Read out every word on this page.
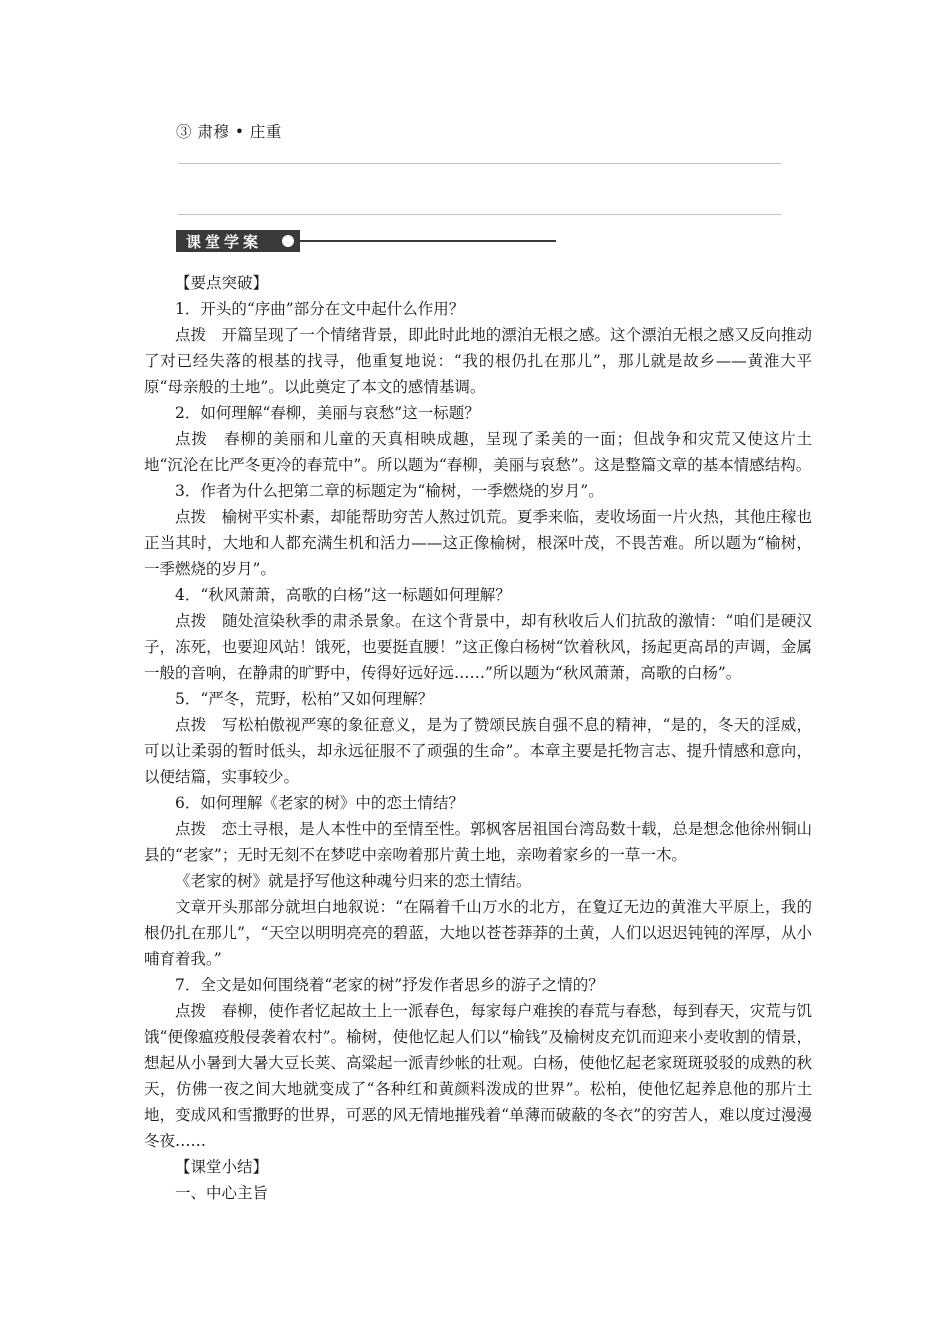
③ 肃穆 • 庄重
课堂学案

【要点突破】

1．开头的“序曲”部分在文中起什么作用？

点拨　开篇呈现了一个情绪背景，即此时此地的漂泊无根之感。这个漂泊无根之感又反向推动了对已经失落的根基的找寻，他重复地说：“我的根仍扎在那儿”，那儿就是故乡——黄淮大平原“母亲般的土地”。以此奠定了本文的感情基调。

2．如何理解“春柳，美丽与哀愁”这一标题？

点拨　春柳的美丽和儿童的天真相映成趣，呈现了柔美的一面；但战争和灾荒又使这片土地“沉沦在比严冬更冷的春荒中”。所以题为“春柳，美丽与哀愁”。这是整篇文章的基本情感结构。

3．作者为什么把第二章的标题定为“榆树，一季燃烧的岁月”。

点拨　榆树平实朴素，却能帮助穷苦人熬过饥荒。夏季来临，麦收场面一片火热，其他庄稼也正当其时，大地和人都充满生机和活力——这正像榆树，根深叶茂，不畏苦难。所以题为“榆树，一季燃烧的岁月”。

4．“秋风萧萧，高歌的白杨”这一标题如何理解？

点拨　随处渲染秋季的肃杀景象。在这个背景中，却有秋收后人们抗敌的激情：“咱们是硬汉子，冻死，也要迎风站！饿死，也要挺直腰！”这正像白杨树“饮着秋风，扬起更高昂的声调，金属一般的音响，在静肃的旷野中，传得好远好远……”所以题为“秋风萧萧，高歌的白杨”。

5．“严冬，荒野，松柏”又如何理解？

点拨　写松柏傲视严寒的象征意义，是为了赞颂民族自强不息的精神，“是的，冬天的淫威，可以让柔弱的暂时低头，却永远征服不了顽强的生命”。本章主要是托物言志、提升情感和意向，以便结篇，实事较少。

6．如何理解《老家的树》中的恋土情结？

点拨　恋土寻根，是人本性中的至情至性。郭枫客居祖国台湾岛数十载，总是想念他徐州铜山县的“老家”；无时无刻不在梦呓中亲吻着那片黄土地，亲吻着家乡的一草一木。

《老家的树》就是抒写他这种魂兮归来的恋土情结。

文章开头那部分就坦白地叙说：“在隔着千山万水的北方，在夐辽无边的黄淮大平原上，我的根仍扎在那儿”，“天空以明明亮亮的碧蓝，大地以苍苍莽莽的土黄，人们以迟迟钝钝的浑厚，从小哺育着我。”

7．全文是如何围绕着“老家的树”抒发作者思乡的游子之情的？

点拨　春柳，使作者忆起故土上一派春色，每家每户难挨的春荒与春愁，每到春天，灾荒与饥饿“便像瘟疫般侵袭着农村”。榆树，使他忆起人们以“榆钱”及榆树皮充饥而迎来小麦收割的情景，想起从小暑到大暑大豆长荚、高粱起一派青纱帐的壮观。白杨，使他忆起老家斑斑驳驳的成熟的秋天，仿佛一夜之间大地就变成了“各种红和黄颜料泼成的世界”。松柏，使他忆起养息他的那片土地，变成风和雪撒野的世界，可恶的风无情地摧残着“单薄而破蔽的冬衣”的穷苦人，难以度过漫漫冬夜……

【课堂小结】

一、中心主旨
